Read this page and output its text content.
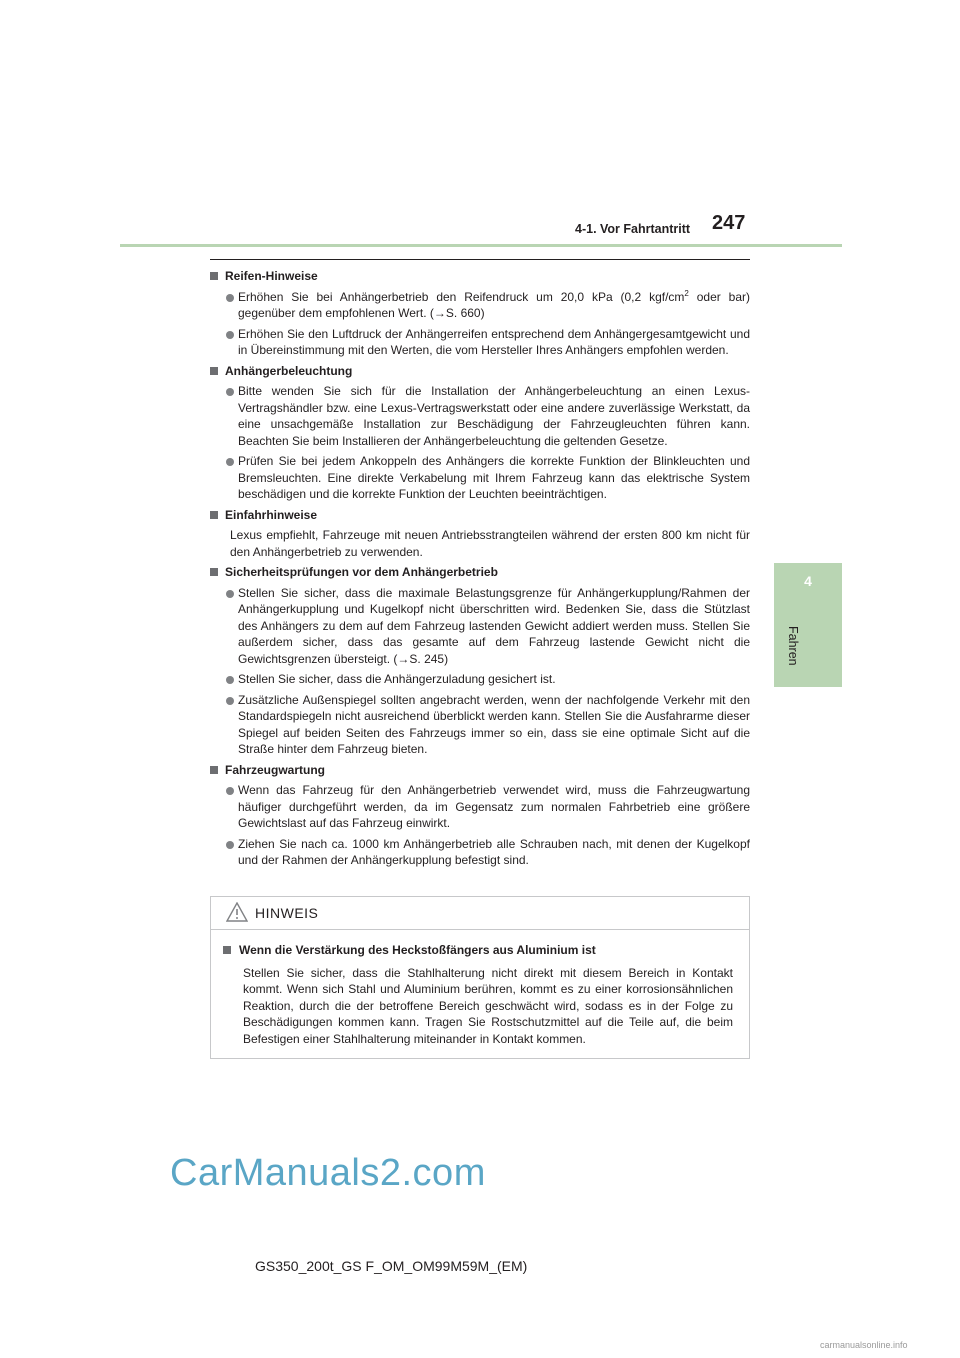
4-1. Vor Fahrtantritt 247
4
Fahren
Reifen-Hinweise
Erhöhen Sie bei Anhängerbetrieb den Reifendruck um 20,0 kPa (0,2 kgf/$cm^2$ oder bar) gegenüber dem empfohlenen Wert. (→S. 660)
Erhöhen Sie den Luftdruck der Anhängerreifen entsprechend dem Anhängergesamtgewicht und in Übereinstimmung mit den Werten, die vom Hersteller Ihres Anhängers empfohlen werden.
Anhängerbeleuchtung
Bitte wenden Sie sich für die Installation der Anhängerbeleuchtung an einen Lexus-Vertragshändler bzw. eine Lexus-Vertragswerkstatt oder eine andere zuverlässige Werkstatt, da eine unsachgemäße Installation zur Beschädigung der Fahrzeugleuchten führen kann. Beachten Sie beim Installieren der Anhängerbeleuchtung die geltenden Gesetze.
Prüfen Sie bei jedem Ankoppeln des Anhängers die korrekte Funktion der Blinkleuchten und Bremsleuchten. Eine direkte Verkabelung mit Ihrem Fahrzeug kann das elektrische System beschädigen und die korrekte Funktion der Leuchten beeinträchtigen.
Einfahrhinweise
Lexus empfiehlt, Fahrzeuge mit neuen Antriebsstrangteilen während der ersten 800 km nicht für den Anhängerbetrieb zu verwenden.
Sicherheitsprüfungen vor dem Anhängerbetrieb
Stellen Sie sicher, dass die maximale Belastungsgrenze für Anhängerkupplung/Rahmen der Anhängerkupplung und Kugelkopf nicht überschritten wird. Bedenken Sie, dass die Stützlast des Anhängers zu dem auf dem Fahrzeug lastenden Gewicht addiert werden muss. Stellen Sie außerdem sicher, dass das gesamte auf dem Fahrzeug lastende Gewicht nicht die Gewichtsgrenzen übersteigt. (→S. 245)
Stellen Sie sicher, dass die Anhängerzuladung gesichert ist.
Zusätzliche Außenspiegel sollten angebracht werden, wenn der nachfolgende Verkehr mit den Standardspiegeln nicht ausreichend überblickt werden kann. Stellen Sie die Ausfahrarme dieser Spiegel auf beiden Seiten des Fahrzeugs immer so ein, dass sie eine optimale Sicht auf die Straße hinter dem Fahrzeug bieten.
Fahrzeugwartung
Wenn das Fahrzeug für den Anhängerbetrieb verwendet wird, muss die Fahrzeugwartung häufiger durchgeführt werden, da im Gegensatz zum normalen Fahrbetrieb eine größere Gewichtslast auf das Fahrzeug einwirkt.
Ziehen Sie nach ca. 1000 km Anhängerbetrieb alle Schrauben nach, mit denen der Kugelkopf und der Rahmen der Anhängerkupplung befestigt sind.
HINWEIS
Wenn die Verstärkung des Heckstoßfängers aus Aluminium ist
Stellen Sie sicher, dass die Stahlhalterung nicht direkt mit diesem Bereich in Kontakt kommt. Wenn sich Stahl und Aluminium berühren, kommt es zu einer korrosionsähnlichen Reaktion, durch die der betroffene Bereich geschwächt wird, sodass es in der Folge zu Beschädigungen kommen kann. Tragen Sie Rostschutzmittel auf die Teile auf, die beim Befestigen einer Stahlhalterung miteinander in Kontakt kommen.
CarManuals2.com
GS350_200t_GS F_OM_OM99M59M_(EM)
carmanualsonline.info
